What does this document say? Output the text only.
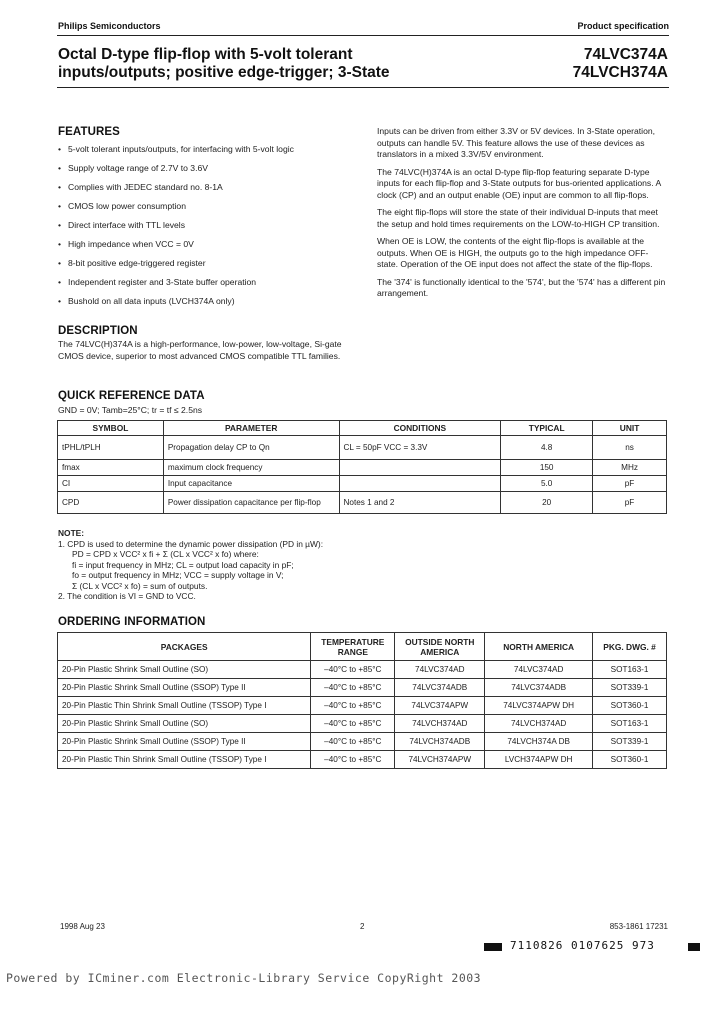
Philips Semiconductors	Product specification
Octal D-type flip-flop with 5-volt tolerant
inputs/outputs; positive edge-trigger; 3-State
74LVC374A
74LVCH374A
FEATURES
• 5-volt tolerant inputs/outputs, for interfacing with 5-volt logic
• Supply voltage range of 2.7V to 3.6V
• Complies with JEDEC standard no. 8-1A
• CMOS low power consumption
• Direct interface with TTL levels
• High impedance when VCC = 0V
• 8-bit positive edge-triggered register
• Independent register and 3-State buffer operation
• Bushold on all data inputs (LVCH374A only)
DESCRIPTION
The 74LVC(H)374A is a high-performance, low-power, low-voltage, Si-gate CMOS device, superior to most advanced CMOS compatible TTL families.
Inputs can be driven from either 3.3V or 5V devices. In 3-State operation, outputs can handle 5V. This feature allows the use of these devices as translators in a mixed 3.3V/5V environment.
The 74LVC(H)374A is an octal D-type flip-flop featuring separate D-type inputs for each flip-flop and 3-State outputs for bus-oriented applications. A clock (CP) and an output enable (OE) input are common to all flip-flops.
The eight flip-flops will store the state of their individual D-inputs that meet the setup and hold times requirements on the LOW-to-HIGH CP transition.
When OE is LOW, the contents of the eight flip-flops is available at the outputs. When OE is HIGH, the outputs go to the high impedance OFF-state. Operation of the OE input does not affect the state of the flip-flops.
The '374' is functionally identical to the '574', but the '574' has a different pin arrangement.
QUICK REFERENCE DATA
GND = 0V; Tamb=25°C; tr = tf ≤ 2.5ns
SYMBOL	PARAMETER	CONDITIONS	TYPICAL	UNIT
tPHL/tPLH	Propagation delay CP to Qn	CL = 50pF VCC = 3.3V	4.8	ns
fmax	maximum clock frequency		150	MHz
CI	Input capacitance		5.0	pF
CPD	Power dissipation capacitance per flip-flop	Notes 1 and 2	20	pF
NOTE:
1. CPD is used to determine the dynamic power dissipation (PD in µW):
PD = CPD x VCC² x fi + Σ (CL x VCC² x fo) where:
fi = input frequency in MHz; CL = output load capacity in pF;
fo = output frequency in MHz; VCC = supply voltage in V;
Σ (CL x VCC² x fo) = sum of outputs.
2. The condition is VI = GND to VCC.
ORDERING INFORMATION
PACKAGES	TEMPERATURE RANGE	OUTSIDE NORTH AMERICA	NORTH AMERICA	PKG. DWG. #
20-Pin Plastic Shrink Small Outline (SO)	–40°C to +85°C	74LVC374AD	74LVC374AD	SOT163-1
20-Pin Plastic Shrink Small Outline (SSOP) Type II	–40°C to +85°C	74LVC374ADB	74LVC374ADB	SOT339-1
20-Pin Plastic Thin Shrink Small Outline (TSSOP) Type I	–40°C to +85°C	74LVC374APW	74LVC374APW DH	SOT360-1
20-Pin Plastic Shrink Small Outline (SO)	–40°C to +85°C	74LVCH374AD	74LVCH374AD	SOT163-1
20-Pin Plastic Shrink Small Outline (SSOP) Type II	–40°C to +85°C	74LVCH374ADB	74LVCH374A DB	SOT339-1
20-Pin Plastic Thin Shrink Small Outline (TSSOP) Type I	–40°C to +85°C	74LVCH374APW	LVCH374APW DH	SOT360-1
1998 Aug 23	2	853-1861 17231
7110826 0107625 973
Powered by ICminer.com Electronic-Library Service CopyRight 2003
